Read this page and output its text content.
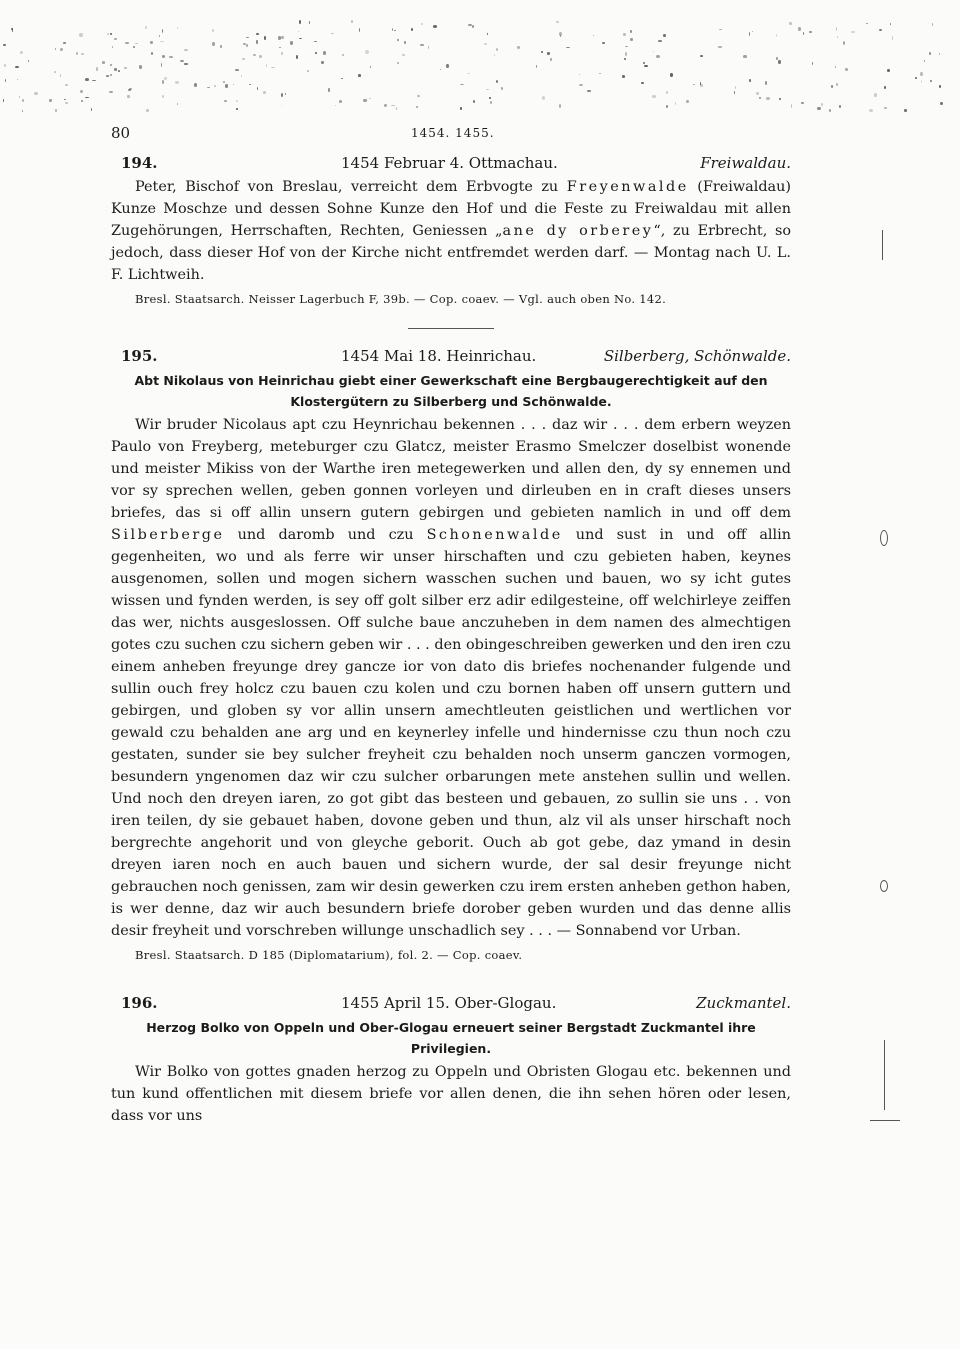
80	1454. 1455.
194.	1454 Februar 4. Ottmachau.	Freiwaldau.

Peter, Bischof von Breslau, verreicht dem Erbvogte zu Freyenwalde (Freiwaldau) Kunze Moschze und dessen Sohne Kunze den Hof und die Feste zu Freiwaldau mit allen Zugehörungen, Herrschaften, Rechten, Geniessen „ane dy orberey“, zu Erbrecht, so jedoch, dass dieser Hof von der Kirche nicht entfremdet werden darf. — Montag nach U. L. F. Lichtweih.

Bresl. Staatsarch. Neisser Lagerbuch F, 39b. — Cop. coaev. — Vgl. auch oben No. 142.

195.	1454 Mai 18. Heinrichau.	Silberberg, Schönwalde.
Abt Nikolaus von Heinrichau giebt einer Gewerkschaft eine Bergbaugerechtigkeit auf den Klostergütern zu Silberberg und Schönwalde.

Wir bruder Nicolaus apt czu Heynrichau bekennen . . . daz wir . . . dem erbern weyzen Paulo von Freyberg, meteburger czu Glatcz, meister Erasmo Smelczer doselbist wonende und meister Mikiss von der Warthe iren metegewerken und allen den, dy sy ennemen und vor sy sprechen wellen, geben gonnen vorleyen und dirleuben en in craft dieses unsers briefes, das si off allin unsern gutern gebirgen und gebieten namlich in und off dem Silberberge und daromb und czu Schonenwalde und sust in und off allin gegenheiten, wo und als ferre wir unser hirschaften und czu gebieten haben, keynes ausgenomen, sollen und mogen sichern wasschen suchen und bauen, wo sy icht gutes wissen und fynden werden, is sey off golt silber erz adir edilgesteine, off welchirleye zeiffen das wer, nichts ausgeslossen. Off sulche baue anczuheben in dem namen des almechtigen gotes czu suchen czu sichern geben wir . . . den obingeschreiben gewerken und den iren czu einem anheben freyunge drey gancze ior von dato dis briefes nochenander fulgende und sullin ouch frey holcz czu bauen czu kolen und czu bornen haben off unsern guttern und gebirgen, und globen sy vor allin unsern amechtleuten geistlichen und wertlichen vor gewald czu behalden ane arg und en keynerley infelle und hindernisse czu thun noch czu gestaten, sunder sie bey sulcher freyheit czu behalden noch unserm ganczen vormogen, besundern yngenomen daz wir czu sulcher orbarungen mete anstehen sullin und wellen. Und noch den dreyen iaren, zo got gibt das besteen und gebauen, zo sullin sie uns . . von iren teilen, dy sie gebauet haben, dovone geben und thun, alz vil als unser hirschaft noch bergrechte angehorit und von gleyche geborit. Ouch ab got gebe, daz ymand in desin dreyen iaren noch en auch bauen und sichern wurde, der sal desir freyunge nicht gebrauchen noch genissen, zam wir desin gewerken czu irem ersten anheben gethon haben, is wer denne, daz wir auch besundern briefe dorober geben wurden und das denne allis desir freyheit und vorschreben willunge unschadlich sey . . . — Sonnabend vor Urban.

Bresl. Staatsarch. D 185 (Diplomatarium), fol. 2. — Cop. coaev.

196.	1455 April 15. Ober-Glogau.	Zuckmantel.
Herzog Bolko von Oppeln und Ober-Glogau erneuert seiner Bergstadt Zuckmantel ihre Privilegien.

Wir Bolko von gottes gnaden herzog zu Oppeln und Obristen Glogau etc. bekennen und tun kund offentlichen mit diesem briefe vor allen denen, die ihn sehen hören oder lesen, dass vor uns
